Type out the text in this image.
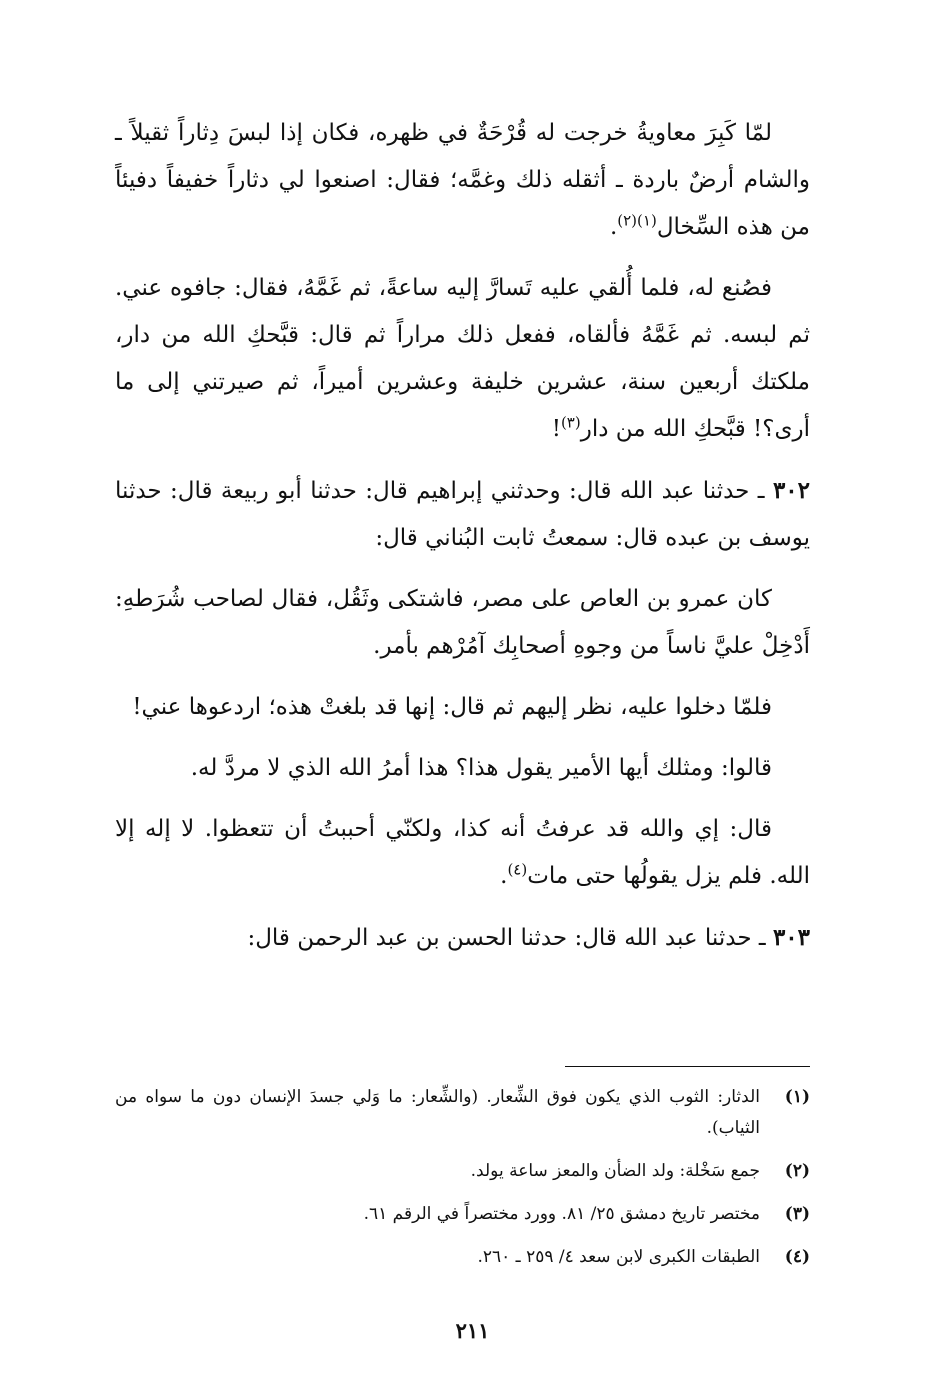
لمّا كَبِرَ معاويةُ خرجت له قُرْحَةٌ في ظهره، فكان إذا لبسَ دِثاراً ثقيلاً ـ والشام أرضٌ باردة ـ أثقله ذلك وغمَّه؛ فقال: اصنعوا لي دثاراً خفيفاً دفيئاً من هذه السِّخال$^{(١)(٢)}$.

فصُنع له، فلما أُلقي عليه تَسارَّ إليه ساعةً، ثم غَمَّهُ، فقال: جافوه عني. ثم لبسه. ثم غَمَّهُ فألقاه، ففعل ذلك مراراً ثم قال: قبَّحكِ الله من دار، ملكتك أربعين سنة، عشرين خليفة وعشرين أميراً، ثم صيرتني إلى ما أرى؟! قبَّحكِ الله من دار$^{(٣)}$!

٣٠٢ ـ حدثنا عبد الله قال: وحدثني إبراهيم قال: حدثنا أبو ربيعة قال: حدثنا يوسف بن عبده قال: سمعتُ ثابت البُناني قال:

كان عمرو بن العاص على مصر، فاشتكى وثَقُل، فقال لصاحب شُرَطهِ: أَدْخِلْ عليَّ ناساً من وجوهِ أصحابِك آمُرْهم بأمر.

فلمّا دخلوا عليه، نظر إليهم ثم قال: إنها قد بلغتْ هذه؛ اردعوها عني!

قالوا: ومثلك أيها الأمير يقول هذا؟ هذا أمرُ الله الذي لا مردَّ له.

قال: إي والله قد عرفتُ أنه كذا، ولكنّي أحببتُ أن تتعظوا. لا إله إلا الله. فلم يزل يقولُها حتى مات$^{(٤)}$.

٣٠٣ ـ حدثنا عبد الله قال: حدثنا الحسن بن عبد الرحمن قال:

(١)
الدثار: الثوب الذي يكون فوق الشِّعار. (والشِّعار: ما وَلي جسدَ الإنسان دون ما سواه من الثياب).
(٢)
جمع سَخْلة: ولد الضأن والمعز ساعة يولد.
(٣)
مختصر تاريخ دمشق ٢٥/ ٨١. وورد مختصراً في الرقم ٦١.
(٤)
الطبقات الكبرى لابن سعد ٤/ ٢٥٩ ـ ٢٦٠.
٢١١
